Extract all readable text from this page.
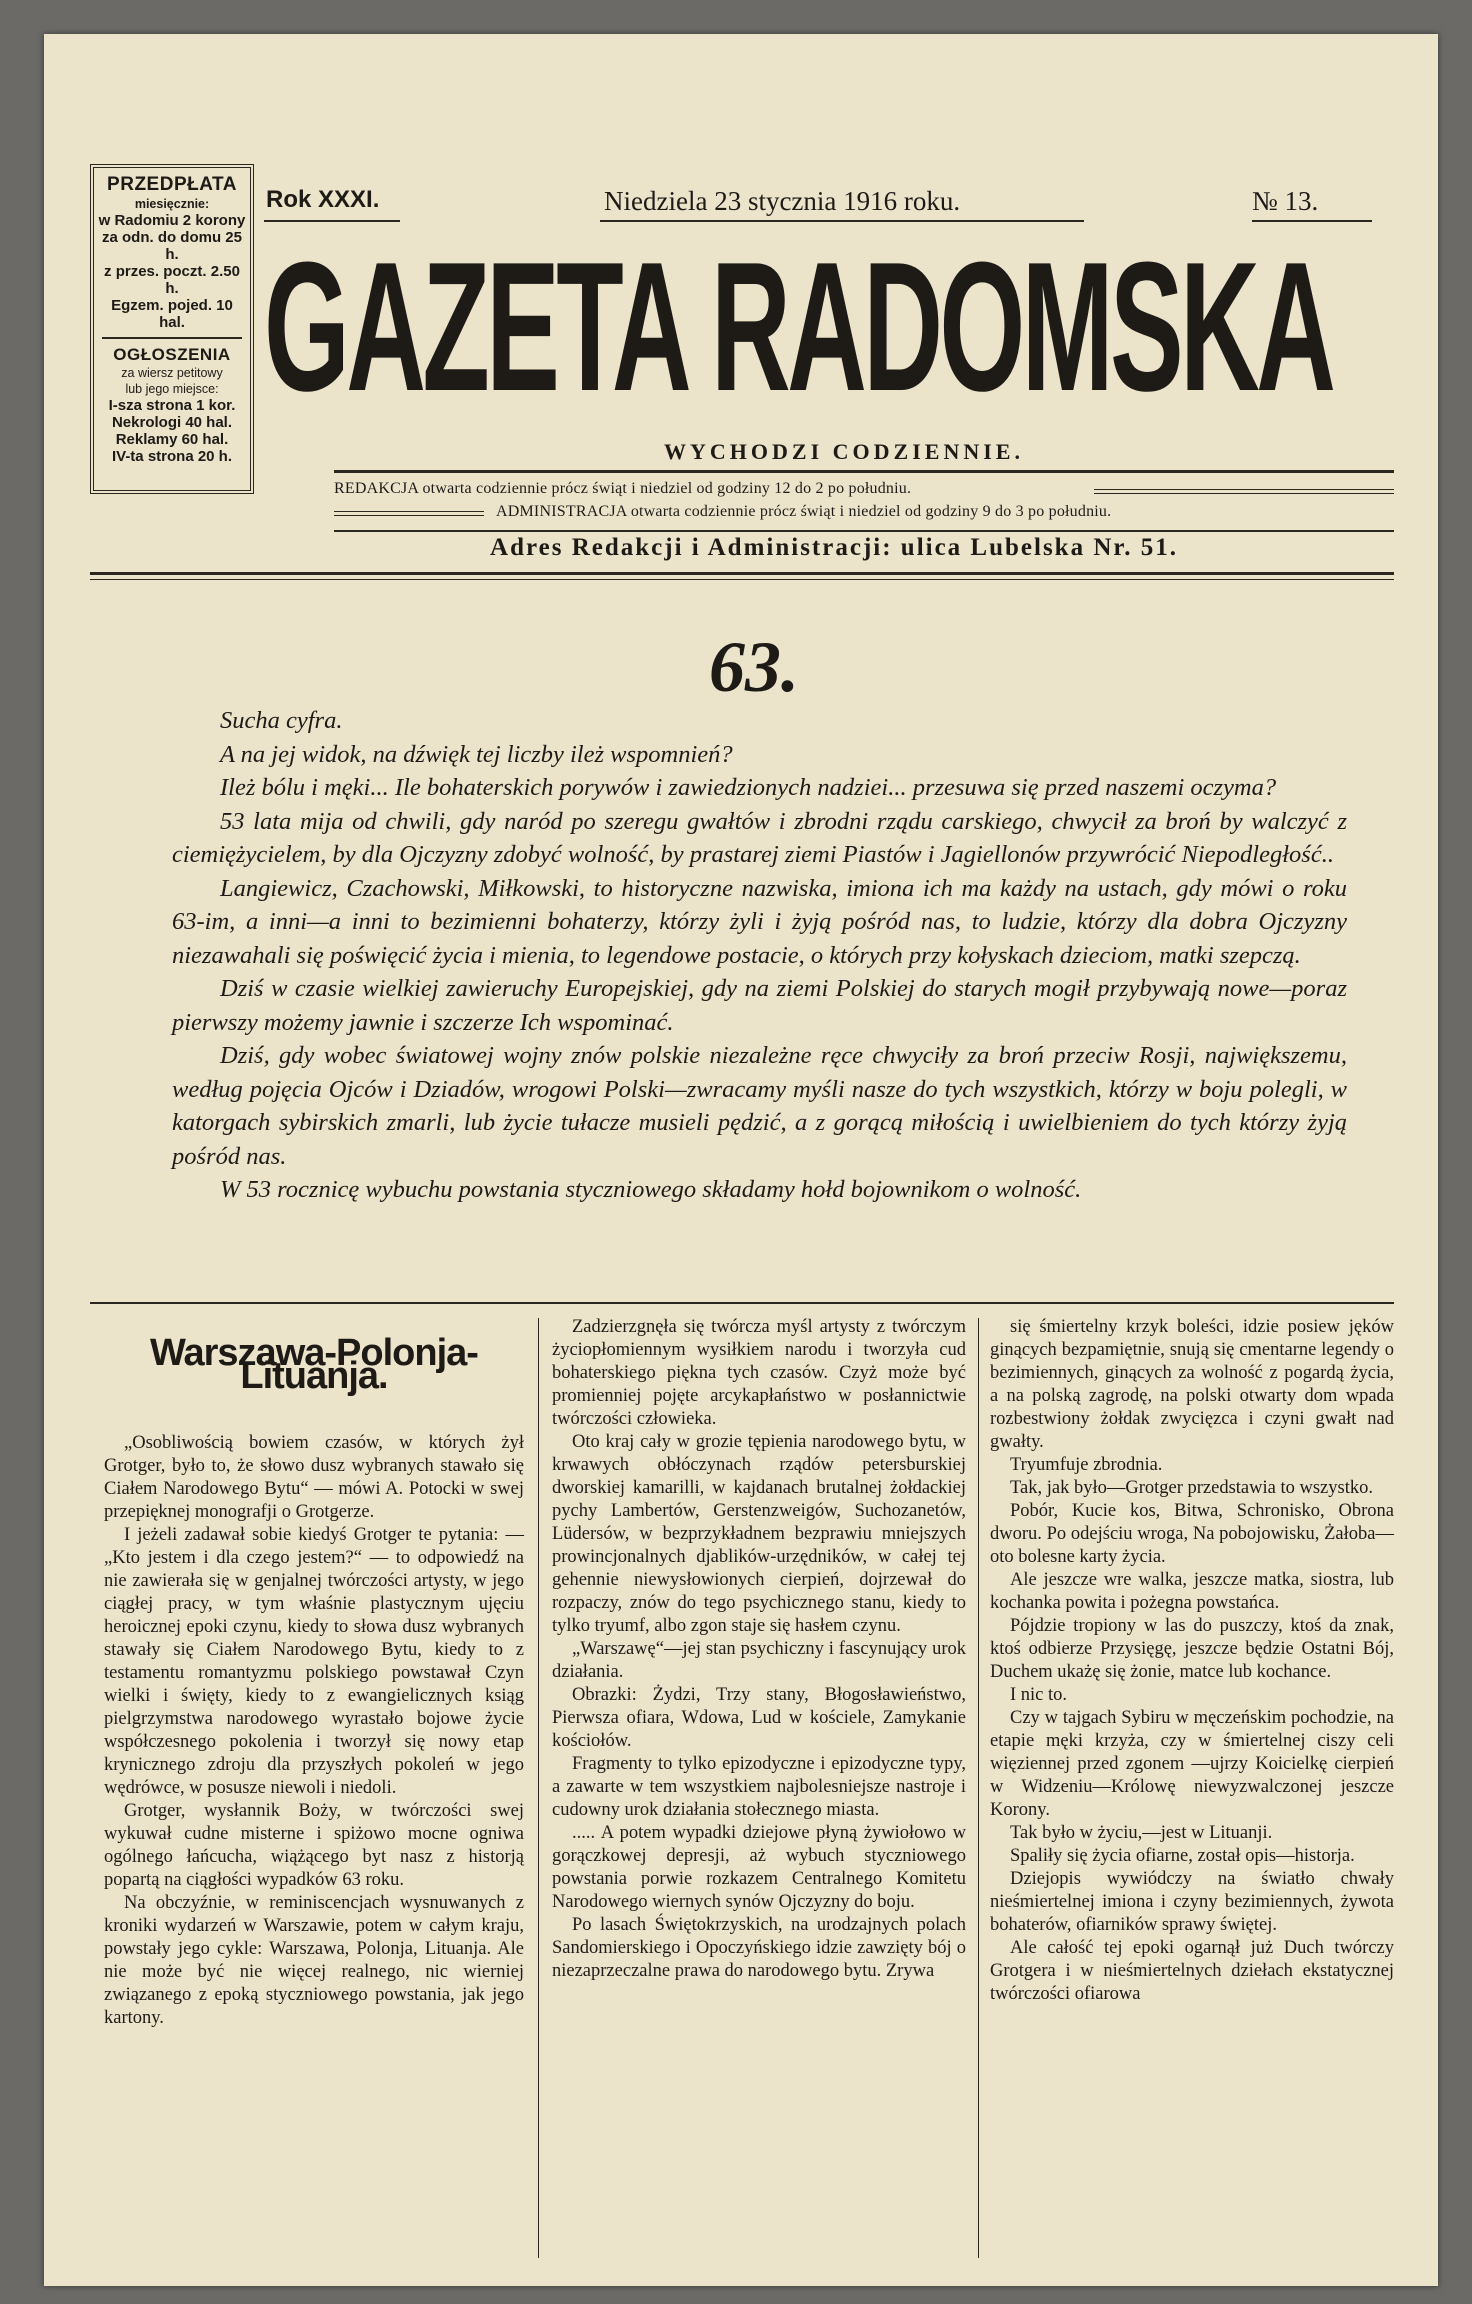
PRZEDPŁATA
miesięcznie:
w Radomiu 2 korony
za odn. do domu 25 h.
z przes. poczt. 2.50 h.
Egzem. pojed. 10 hal.
OGŁOSZENIA
za wiersz petitowy
lub jego miejsce:
I-sza strona 1 kor.
Nekrologi 40 hal.
Reklamy 60 hal.
IV-ta strona 20 h.
Rok XXXI.	Niedziela 23 stycznia 1916 roku.	№ 13.
GAZETA RADOMSKA
WYCHODZI CODZIENNIE.
REDAKCJA otwarta codziennie prócz świąt i niedziel od godziny 12 do 2 po południu.
ADMINISTRACJA otwarta codziennie prócz świąt i niedziel od godziny 9 do 3 po południu.
Adres Redakcji i Administracji: ulica Lubelska Nr. 51.
63.

Sucha cyfra.

A na jej widok, na dźwięk tej liczby ileż wspomnień?

Ileż bólu i męki... Ile bohaterskich porywów i zawiedzionych nadziei... przesuwa się przed naszemi oczyma?

53 lata mija od chwili, gdy naród po szeregu gwałtów i zbrodni rządu carskiego, chwycił za broń by walczyć z ciemiężycielem, by dla Ojczyzny zdobyć wolność, by prastarej ziemi Piastów i Jagiellonów przywrócić Niepodległość..

Langiewicz, Czachowski, Miłkowski, to historyczne nazwiska, imiona ich ma każdy na ustach, gdy mówi o roku 63-im, a inni—a inni to bezimienni bohaterzy, którzy żyli i żyją pośród nas, to ludzie, którzy dla dobra Ojczyzny niezawahali się poświęcić życia i mienia, to legendowe postacie, o których przy kołyskach dzieciom, matki szepczą.

Dziś w czasie wielkiej zawieruchy Europejskiej, gdy na ziemi Polskiej do starych mogił przybywają nowe—poraz pierwszy możemy jawnie i szczerze Ich wspominać.

Dziś, gdy wobec światowej wojny znów polskie niezależne ręce chwyciły za broń przeciw Rosji, największemu, według pojęcia Ojców i Dziadów, wrogowi Polski—zwracamy myśli nasze do tych wszystkich, którzy w boju polegli, w katorgach sybirskich zmarli, lub życie tułacze musieli pędzić, a z gorącą miłością i uwielbieniem do tych którzy żyją pośród nas.

W 53 rocznicę wybuchu powstania styczniowego składamy hołd bojownikom o wolność.

Warszawa-Polonja-Lituanja.

„Osobliwością bowiem czasów, w których żył Grotger, było to, że słowo dusz wybranych stawało się Ciałem Narodowego Bytu“ — mówi A. Potocki w swej przepięknej monografji o Grotgerze.

I jeżeli zadawał sobie kiedyś Grotger te pytania: — „Kto jestem i dla czego jestem?“ — to odpowiedź na nie zawierała się w genjalnej twórczości artysty, w jego ciągłej pracy, w tym właśnie plastycznym ujęciu heroicznej epoki czynu, kiedy to słowa dusz wybranych stawały się Ciałem Narodowego Bytu, kiedy to z testamentu romantyzmu polskiego powstawał Czyn wielki i święty, kiedy to z ewangielicznych ksiąg pielgrzymstwa narodowego wyrastało bojowe życie współczesnego pokolenia i tworzył się nowy etap krynicznego zdroju dla przyszłych pokoleń w jego wędrówce, w posusze niewoli i niedoli.

Grotger, wysłannik Boży, w twórczości swej wykuwał cudne misterne i spiżowo mocne ogniwa ogólnego łańcucha, wiążącego byt nasz z historją popartą na ciągłości wypadków 63 roku.

Na obczyźnie, w reminiscencjach wysnuwanych z kroniki wydarzeń w Warszawie, potem w całym kraju, powstały jego cykle: Warszawa, Polonja, Lituanja. Ale nie może być nie więcej realnego, nic wierniej związanego z epoką styczniowego powstania, jak jego kartony.

Zadzierzgnęła się twórcza myśl artysty z twórczym życiopłomiennym wysiłkiem narodu i tworzyła cud bohaterskiego piękna tych czasów. Czyż może być promienniej pojęte arcykapłaństwo w posłannictwie twórczości człowieka.

Oto kraj cały w grozie tępienia narodowego bytu, w krwawych obłóczynach rządów petersburskiej dworskiej kamarilli, w kajdanach brutalnej żołdackiej pychy Lambertów, Gerstenzweigów, Suchozanetów, Lüdersów, w bezprzykładnem bezprawiu mniejszych prowincjonalnych djablików-urzędników, w całej tej gehennie niewysłowionych cierpień, dojrzewał do rozpaczy, znów do tego psychicznego stanu, kiedy to tylko tryumf, albo zgon staje się hasłem czynu.

„Warszawę“—jej stan psychiczny i fascynujący urok działania.

Obrazki: Żydzi, Trzy stany, Błogosławieństwo, Pierwsza ofiara, Wdowa, Lud w kościele, Zamykanie kościołów.

Fragmenty to tylko epizodyczne i epizodyczne typy, a zawarte w tem wszystkiem najbolesniejsze nastroje i cudowny urok działania stołecznego miasta.

..... A potem wypadki dziejowe płyną żywiołowo w gorączkowej depresji, aż wybuch styczniowego powstania porwie rozkazem Centralnego Komitetu Narodowego wiernych synów Ojczyzny do boju.

Po lasach Świętokrzyskich, na urodzajnych polach Sandomierskiego i Opoczyńskiego idzie zawzięty bój o niezaprzeczalne prawa do narodowego bytu. Zrywa

się śmiertelny krzyk boleści, idzie posiew jęków ginących bezpamiętnie, snują się cmentarne legendy o bezimiennych, ginących za wolność z pogardą życia, a na polską zagrodę, na polski otwarty dom wpada rozbestwiony żołdak zwycięzca i czyni gwałt nad gwałty.

Tryumfuje zbrodnia.

Tak, jak było—Grotger przedstawia to wszystko.

Pobór, Kucie kos, Bitwa, Schronisko, Obrona dworu. Po odejściu wroga, Na pobojowisku, Żałoba—oto bolesne karty życia.

Ale jeszcze wre walka, jeszcze matka, siostra, lub kochanka powita i pożegna powstańca.

Pójdzie tropiony w las do puszczy, ktoś da znak, ktoś odbierze Przysięgę, jeszcze będzie Ostatni Bój, Duchem ukażę się żonie, matce lub kochance.

I nic to.

Czy w tajgach Sybiru w męczeńskim pochodzie, na etapie męki krzyża, czy w śmiertelnej ciszy celi więziennej przed zgonem —ujrzy Koicielkę cierpień w Widzeniu—Królowę niewyzwalczonej jeszcze Korony.

Tak było w życiu,—jest w Lituanji.

Spaliły się życia ofiarne, został opis—historja.

Dziejopis wywiódczy na światło chwały nieśmiertelnej imiona i czyny bezimiennych, żywota bohaterów, ofiarników sprawy świętej.

Ale całość tej epoki ogarnął już Duch twórczy Grotgera i w nieśmiertelnych dziełach ekstatycznej twórczości ofiarowa
